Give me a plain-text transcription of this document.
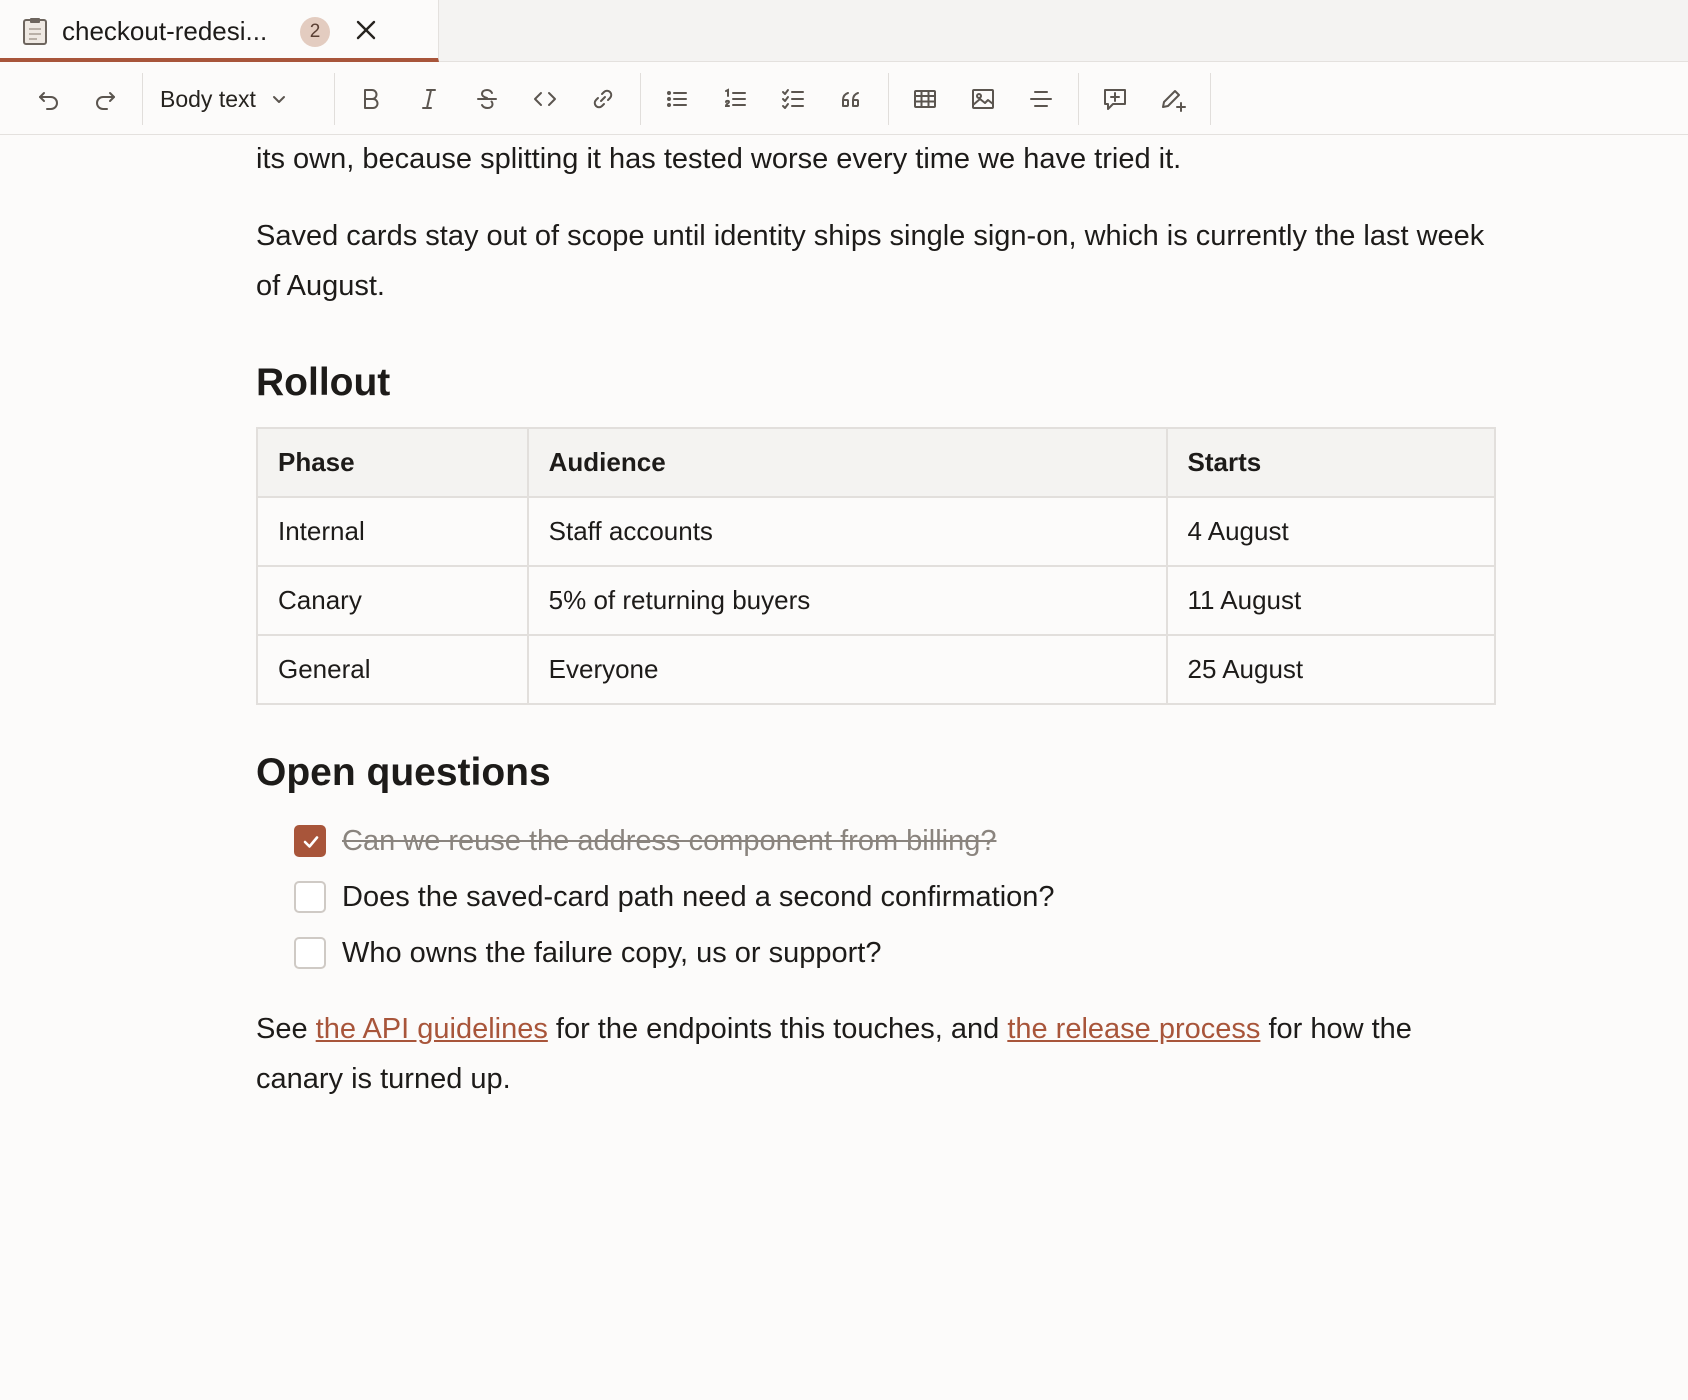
checkout-redesi...	2
Body text

its own, because splitting it has tested worse every time we have tried it.

Saved cards stay out of scope until identity ships single sign-on, which is currently the last week of August.

Rollout
Phase	Audience	Starts
Internal	Staff accounts	4 August
Canary	5% of returning buyers	11 August
General	Everyone	25 August
Open questions
Can we reuse the address component from billing?
Does the saved-card path need a second confirmation?
Who owns the failure copy, us or support?

See the API guidelines for the endpoints this touches, and the release process for how the canary is turned up.
